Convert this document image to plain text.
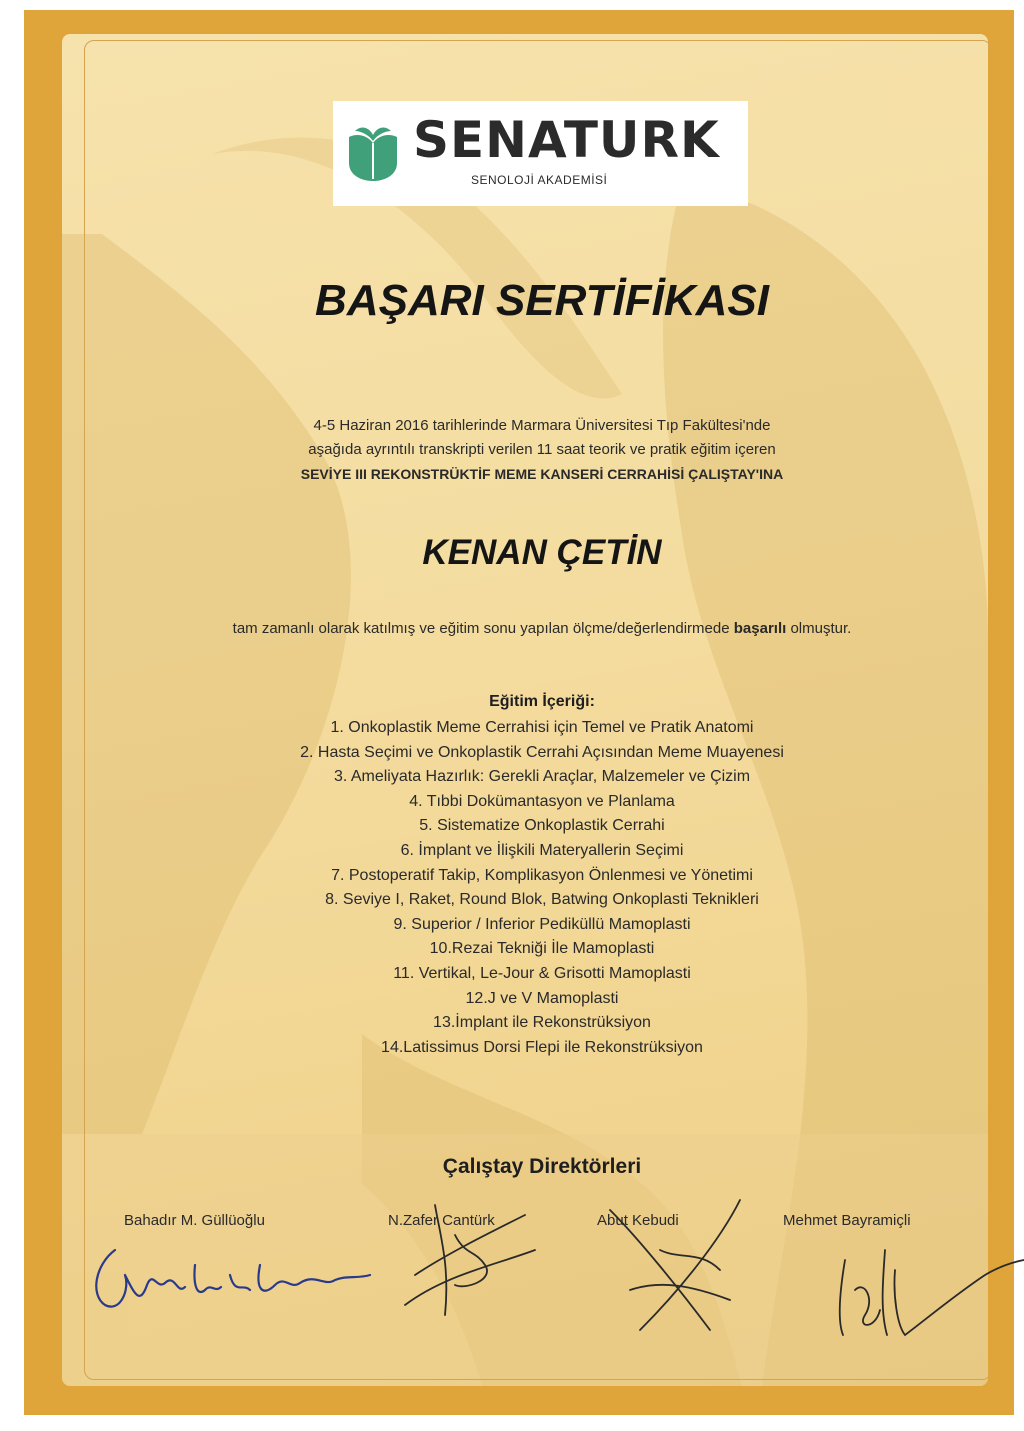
SENATURK
SENOLOJİ AKADEMİSİ
BAŞARI SERTİFİKASI
4-5 Haziran 2016 tarihlerinde Marmara Üniversitesi Tıp Fakültesi'nde
aşağıda ayrıntılı transkripti verilen 11 saat teorik ve pratik eğitim içeren
SEVİYE III REKONSTRÜKTİF MEME KANSERİ CERRAHİSİ ÇALIŞTAY'INA
KENAN ÇETİN
tam zamanlı olarak katılmış ve eğitim sonu yapılan ölçme/değerlendirmede başarılı olmuştur.
Eğitim İçeriği:
1. Onkoplastik Meme Cerrahisi için Temel ve Pratik Anatomi
2. Hasta Seçimi ve Onkoplastik Cerrahi Açısından Meme Muayenesi
3. Ameliyata Hazırlık: Gerekli Araçlar, Malzemeler ve Çizim
4. Tıbbi Dokümantasyon ve Planlama
5. Sistematize Onkoplastik Cerrahi
6. İmplant ve İlişkili Materyallerin Seçimi
7. Postoperatif Takip, Komplikasyon Önlenmesi ve Yönetimi
8. Seviye I, Raket, Round Blok, Batwing Onkoplasti Teknikleri
9. Superior / Inferior Pediküllü Mamoplasti
10.Rezai Tekniği İle Mamoplasti
11. Vertikal, Le-Jour & Grisotti Mamoplasti
12.J ve V Mamoplasti
13.İmplant ile Rekonstrüksiyon
14.Latissimus Dorsi Flepi ile Rekonstrüksiyon
Çalıştay Direktörleri
Bahadır M. Güllüoğlu	N.Zafer Cantürk	Abut Kebudi	Mehmet Bayramiçli
